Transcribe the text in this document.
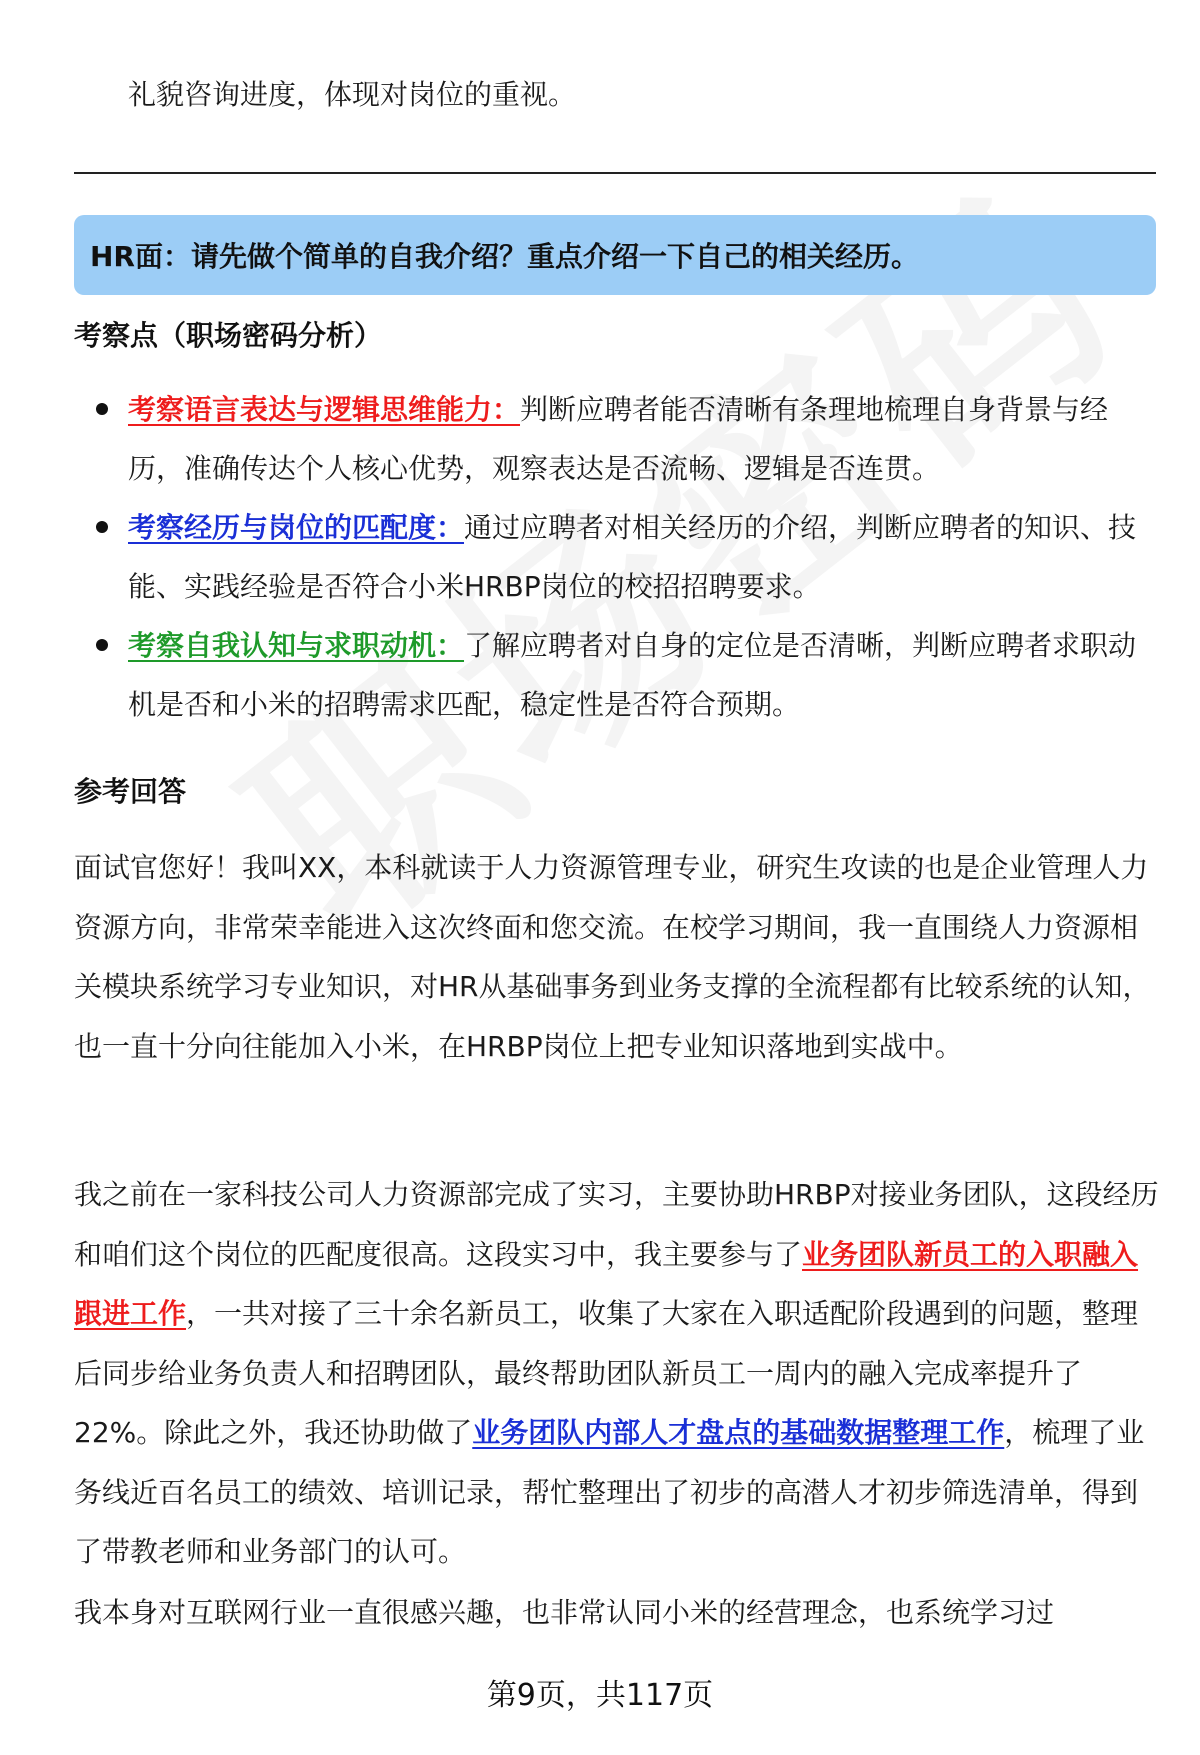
礼貌咨询进度，体现对岗位的重视。
HR面：请先做个简单的自我介绍？重点介绍一下自己的相关经历。
考察点（职场密码分析）
考察语言表达与逻辑思维能力：判断应聘者能否清晰有条理地梳理自身背景与经历，准确传达个人核心优势，观察表达是否流畅、逻辑是否连贯。
考察经历与岗位的匹配度：通过应聘者对相关经历的介绍，判断应聘者的知识、技能、实践经验是否符合小米HRBP岗位的校招招聘要求。
考察自我认知与求职动机：了解应聘者对自身的定位是否清晰，判断应聘者求职动机是否和小米的招聘需求匹配，稳定性是否符合预期。
参考回答

面试官您好！我叫XX，本科就读于人力资源管理专业，研究生攻读的也是企业管理人力资源方向，非常荣幸能进入这次终面和您交流。在校学习期间，我一直围绕人力资源相关模块系统学习专业知识，对HR从基础事务到业务支撑的全流程都有比较系统的认知，也一直十分向往能加入小米，在HRBP岗位上把专业知识落地到实战中。

我之前在一家科技公司人力资源部完成了实习，主要协助HRBP对接业务团队，这段经历和咱们这个岗位的匹配度很高。这段实习中，我主要参与了业务团队新员工的入职融入跟进工作，一共对接了三十余名新员工，收集了大家在入职适配阶段遇到的问题，整理后同步给业务负责人和招聘团队，最终帮助团队新员工一周内的融入完成率提升了22%。除此之外，我还协助做了业务团队内部人才盘点的基础数据整理工作，梳理了业务线近百名员工的绩效、培训记录，帮忙整理出了初步的高潜人才初步筛选清单，得到了带教老师和业务部门的认可。

我本身对互联网行业一直很感兴趣，也非常认同小米的经营理念，也系统学习过

第9页，共117页
